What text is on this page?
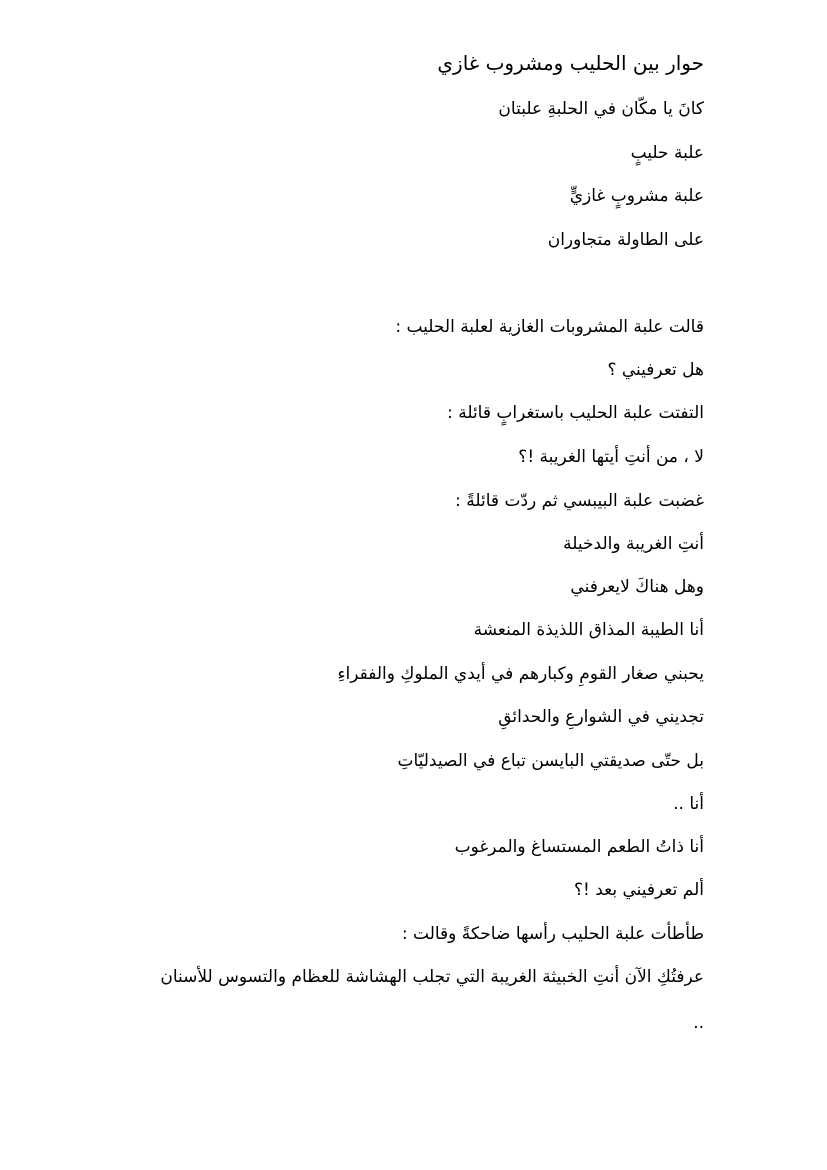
حوار بين الحليب ومشروب غازي
كانَ يا مكّان في الحلبةِ علبتان
علبة حليبٍ
علبة مشروبٍ غازيٍّ
على الطاولة متجاوران
قالت علبة المشروبات الغازية لعلبة الحليب :
هل تعرفيني ؟
التفتت علبة الحليب باستغرابٍ قائلة :
لا ، من أنتِ أيتها الغريبة !؟
غضبت علبة البيبسي ثم ردّت قائلةً :
أنتِ الغريبة والدخيلة
وهل هناكَ لايعرفني
أنا الطيبة المذاق اللذيذة المنعشة
يحبني صغار القومِ وكبارهم في أيدي الملوكِ والفقراءِ
تجديني في الشوارعِ والحدائقِ
بل حتّى صديقتي البايسن تباع في الصيدليّاتِ
أنا ..
أنا ذاتُ الطعم المستساغ والمرغوب
ألم تعرفيني بعد !؟
طأطأت علبة الحليب رأسها ضاحكةً وقالت :
عرفتُكِ الآن أنتِ الخبيثة الغريبة التي تجلب الهشاشة للعظام والتسوس للأسنان
..
